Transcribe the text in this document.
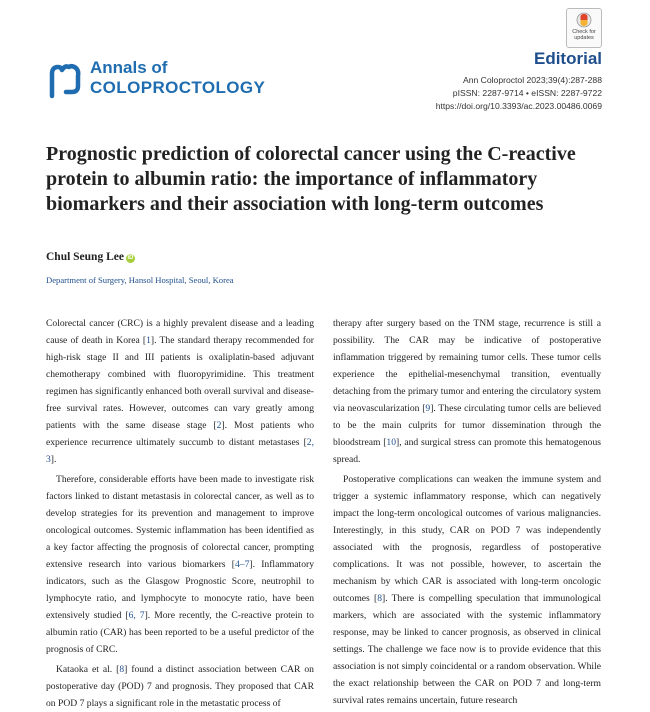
Check for updates
Editorial
Ann Coloproctol 2023;39(4):287-288
pISSN: 2287-9714 • eISSN: 2287-9722
https://doi.org/10.3393/ac.2023.00486.0069
Annals of
COLOPROCTOLOGY
Prognostic prediction of colorectal cancer using the C-reactive protein to albumin ratio: the importance of inflammatory biomarkers and their association with long-term outcomes
Chul Seung Lee iD
Department of Surgery, Hansol Hospital, Seoul, Korea

Colorectal cancer (CRC) is a highly prevalent disease and a leading cause of death in Korea [1]. The standard therapy recommended for high-risk stage II and III patients is oxaliplatin-based adjuvant chemotherapy combined with fluoropyrimidine. This treatment regimen has significantly enhanced both overall survival and disease-free survival rates. However, outcomes can vary greatly among patients with the same disease stage [2]. Most patients who experience recurrence ultimately succumb to distant metastases [2, 3].

Therefore, considerable efforts have been made to investigate risk factors linked to distant metastasis in colorectal cancer, as well as to develop strategies for its prevention and management to improve oncological outcomes. Systemic inflammation has been identified as a key factor affecting the prognosis of colorectal cancer, prompting extensive research into various biomarkers [4–7]. Inflammatory indicators, such as the Glasgow Prognostic Score, neutrophil to lymphocyte ratio, and lymphocyte to monocyte ratio, have been extensively studied [6, 7]. More recently, the C-reactive protein to albumin ratio (CAR) has been reported to be a useful predictor of the prognosis of CRC.

Kataoka et al. [8] found a distinct association between CAR on postoperative day (POD) 7 and prognosis. They proposed that CAR on POD 7 plays a significant role in the metastatic process of

therapy after surgery based on the TNM stage, recurrence is still a possibility. The CAR may be indicative of postoperative inflammation triggered by remaining tumor cells. These tumor cells experience the epithelial-mesenchymal transition, eventually detaching from the primary tumor and entering the circulatory system via neovascularization [9]. These circulating tumor cells are believed to be the main culprits for tumor dissemination through the bloodstream [10], and surgical stress can promote this hematogenous spread.

Postoperative complications can weaken the immune system and trigger a systemic inflammatory response, which can negatively impact the long-term oncological outcomes of various malignancies. Interestingly, in this study, CAR on POD 7 was independently associated with the prognosis, regardless of postoperative complications. It was not possible, however, to ascertain the mechanism by which CAR is associated with long-term oncologic outcomes [8]. There is compelling speculation that immunological markers, which are associated with the systemic inflammatory response, may be linked to cancer prognosis, as observed in clinical settings. The challenge we face now is to provide evidence that this association is not simply coincidental or a random observation. While the exact relationship between the CAR on POD 7 and long-term survival rates remains uncertain, future research
